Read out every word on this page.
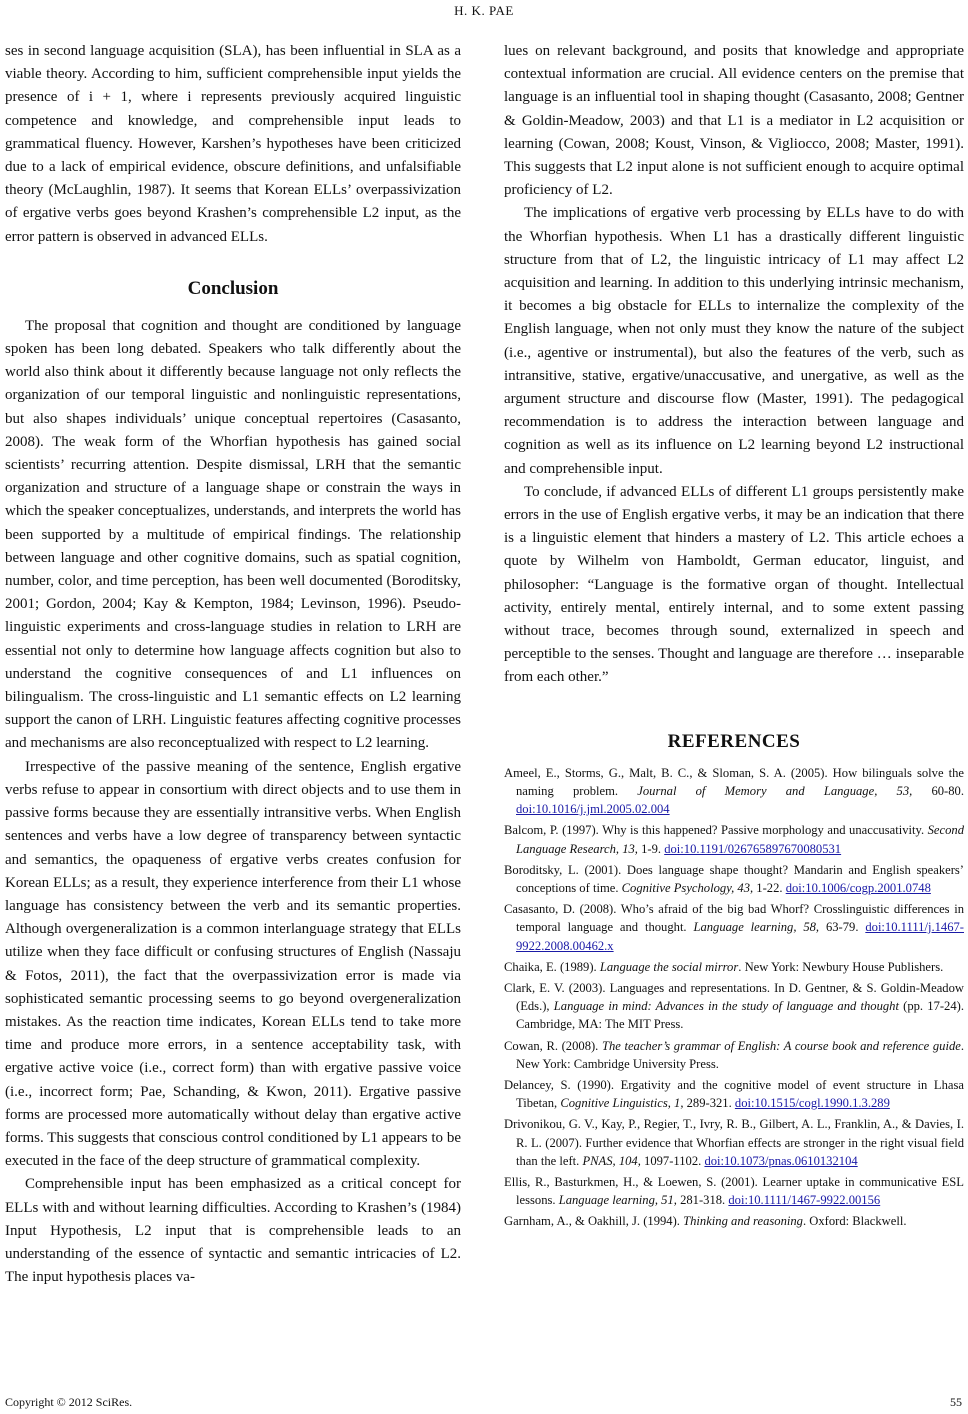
H. K. PAE

ses in second language acquisition (SLA), has been influential in SLA as a viable theory. According to him, sufficient comprehensible input yields the presence of i + 1, where i represents previously acquired linguistic competence and knowledge, and comprehensible input leads to grammatical fluency. However, Karshen’s hypotheses have been criticized due to a lack of empirical evidence, obscure definitions, and unfalsifiable theory (McLaughlin, 1987). It seems that Korean ELLs’ overpassivization of ergative verbs goes beyond Krashen’s comprehensible L2 input, as the error pattern is observed in advanced ELLs.

Conclusion

The proposal that cognition and thought are conditioned by language spoken has been long debated. Speakers who talk differently about the world also think about it differently because language not only reflects the organization of our temporal linguistic and nonlinguistic representations, but also shapes individuals’ unique conceptual repertoires (Casasanto, 2008). The weak form of the Whorfian hypothesis has gained social scientists’ recurring attention. Despite dismissal, LRH that the semantic organization and structure of a language shape or constrain the ways in which the speaker conceptualizes, understands, and interprets the world has been supported by a multitude of empirical findings. The relationship between language and other cognitive domains, such as spatial cognition, number, color, and time perception, has been well documented (Boroditsky, 2001; Gordon, 2004; Kay & Kempton, 1984; Levinson, 1996). Pseudo-linguistic experiments and cross-language studies in relation to LRH are essential not only to determine how language affects cognition but also to understand the cognitive consequences of and L1 influences on bilingualism. The cross-linguistic and L1 semantic effects on L2 learning support the canon of LRH. Linguistic features affecting cognitive processes and mechanisms are also reconceptualized with respect to L2 learning.

Irrespective of the passive meaning of the sentence, English ergative verbs refuse to appear in consortium with direct objects and to use them in passive forms because they are essentially intransitive verbs. When English sentences and verbs have a low degree of transparency between syntactic and semantics, the opaqueness of ergative verbs creates confusion for Korean ELLs; as a result, they experience interference from their L1 whose language has consistency between the verb and its semantic properties. Although overgeneralization is a common interlanguage strategy that ELLs utilize when they face difficult or confusing structures of English (Nassaju & Fotos, 2011), the fact that the overpassivization error is made via sophisticated semantic processing seems to go beyond overgeneralization mistakes. As the reaction time indicates, Korean ELLs tend to take more time and produce more errors, in a sentence acceptability task, with ergative active voice (i.e., correct form) than with ergative passive voice (i.e., incorrect form; Pae, Schanding, & Kwon, 2011). Ergative passive forms are processed more automatically without delay than ergative active forms. This suggests that conscious control conditioned by L1 appears to be executed in the face of the deep structure of grammatical complexity.

Comprehensible input has been emphasized as a critical concept for ELLs with and without learning difficulties. According to Krashen’s (1984) Input Hypothesis, L2 input that is comprehensible leads to an understanding of the essence of syntactic and semantic intricacies of L2. The input hypothesis places va-

lues on relevant background, and posits that knowledge and appropriate contextual information are crucial. All evidence centers on the premise that language is an influential tool in shaping thought (Casasanto, 2008; Gentner & Goldin-Meadow, 2003) and that L1 is a mediator in L2 acquisition or learning (Cowan, 2008; Koust, Vinson, & Vigliocco, 2008; Master, 1991). This suggests that L2 input alone is not sufficient enough to acquire optimal proficiency of L2.

The implications of ergative verb processing by ELLs have to do with the Whorfian hypothesis. When L1 has a drastically different linguistic structure from that of L2, the linguistic intricacy of L1 may affect L2 acquisition and learning. In addition to this underlying intrinsic mechanism, it becomes a big obstacle for ELLs to internalize the complexity of the English language, when not only must they know the nature of the subject (i.e., agentive or instrumental), but also the features of the verb, such as intransitive, stative, ergative/unaccusative, and unergative, as well as the argument structure and discourse flow (Master, 1991). The pedagogical recommendation is to address the interaction between language and cognition as well as its influence on L2 learning beyond L2 instructional and comprehensible input.

To conclude, if advanced ELLs of different L1 groups persistently make errors in the use of English ergative verbs, it may be an indication that there is a linguistic element that hinders a mastery of L2. This article echoes a quote by Wilhelm von Hamboldt, German educator, linguist, and philosopher: “Language is the formative organ of thought. Intellectual activity, entirely mental, entirely internal, and to some extent passing without trace, becomes through sound, externalized in speech and perceptible to the senses. Thought and language are therefore … inseparable from each other.”

REFERENCES
Ameel, E., Storms, G., Malt, B. C., & Sloman, S. A. (2005). How bilinguals solve the naming problem. Journal of Memory and Language, 53, 60-80. doi:10.1016/j.jml.2005.02.004
Balcom, P. (1997). Why is this happened? Passive morphology and unaccusativity. Second Language Research, 13, 1-9. doi:10.1191/026765897670080531
Boroditsky, L. (2001). Does language shape thought? Mandarin and English speakers’ conceptions of time. Cognitive Psychology, 43, 1-22. doi:10.1006/cogp.2001.0748
Casasanto, D. (2008). Who’s afraid of the big bad Whorf? Crosslinguistic differences in temporal language and thought. Language learning, 58, 63-79. doi:10.1111/j.1467-9922.2008.00462.x
Chaika, E. (1989). Language the social mirror. New York: Newbury House Publishers.
Clark, E. V. (2003). Languages and representations. In D. Gentner, & S. Goldin-Meadow (Eds.), Language in mind: Advances in the study of language and thought (pp. 17-24). Cambridge, MA: The MIT Press.
Cowan, R. (2008). The teacher’s grammar of English: A course book and reference guide. New York: Cambridge University Press.
Delancey, S. (1990). Ergativity and the cognitive model of event structure in Lhasa Tibetan, Cognitive Linguistics, 1, 289-321. doi:10.1515/cogl.1990.1.3.289
Drivonikou, G. V., Kay, P., Regier, T., Ivry, R. B., Gilbert, A. L., Franklin, A., & Davies, I. R. L. (2007). Further evidence that Whorfian effects are stronger in the right visual field than the left. PNAS, 104, 1097-1102. doi:10.1073/pnas.0610132104
Ellis, R., Basturkmen, H., & Loewen, S. (2001). Learner uptake in communicative ESL lessons. Language learning, 51, 281-318. doi:10.1111/1467-9922.00156
Garnham, A., & Oakhill, J. (1994). Thinking and reasoning. Oxford: Blackwell.
Copyright © 2012 SciRes.	55
